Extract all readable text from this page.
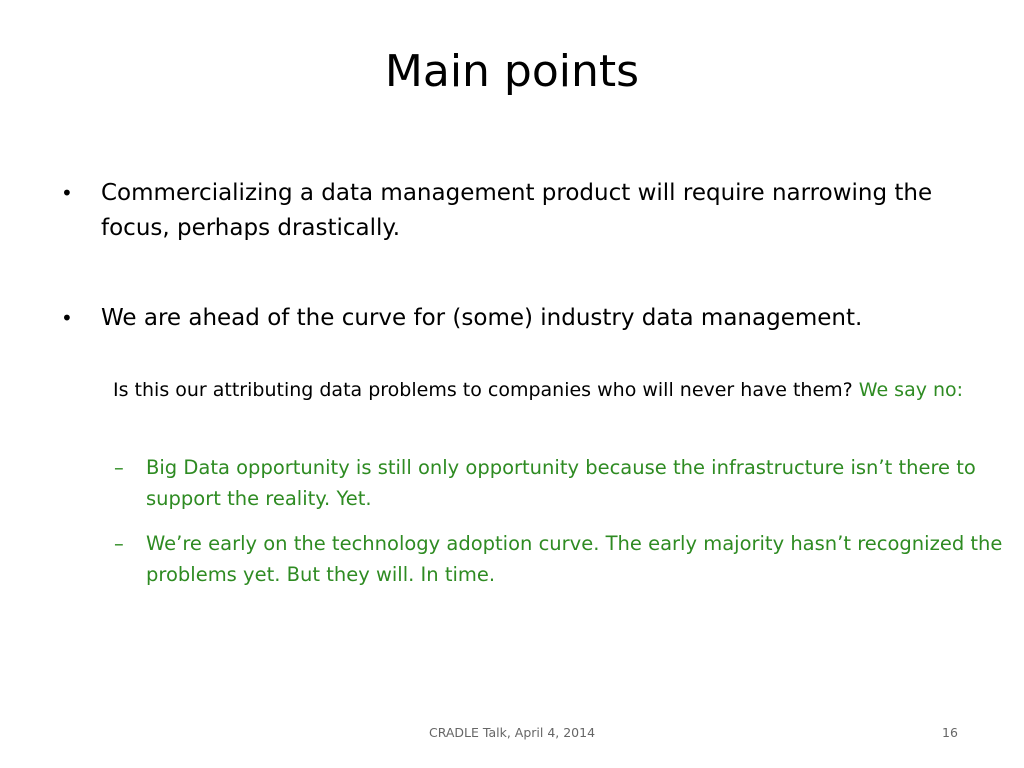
Main points
• Commercializing a data management product will require narrowing the focus, perhaps drastically.
• We are ahead of the curve for (some) industry data management.
Is this our attributing data problems to companies who will never have them? We say no:
– Big Data opportunity is still only opportunity because the infrastructure isn’t there to support the reality. Yet.
– We’re early on the technology adoption curve. The early majority hasn’t recognized the problems yet. But they will. In time.
CRADLE Talk, April 4, 2014	16
